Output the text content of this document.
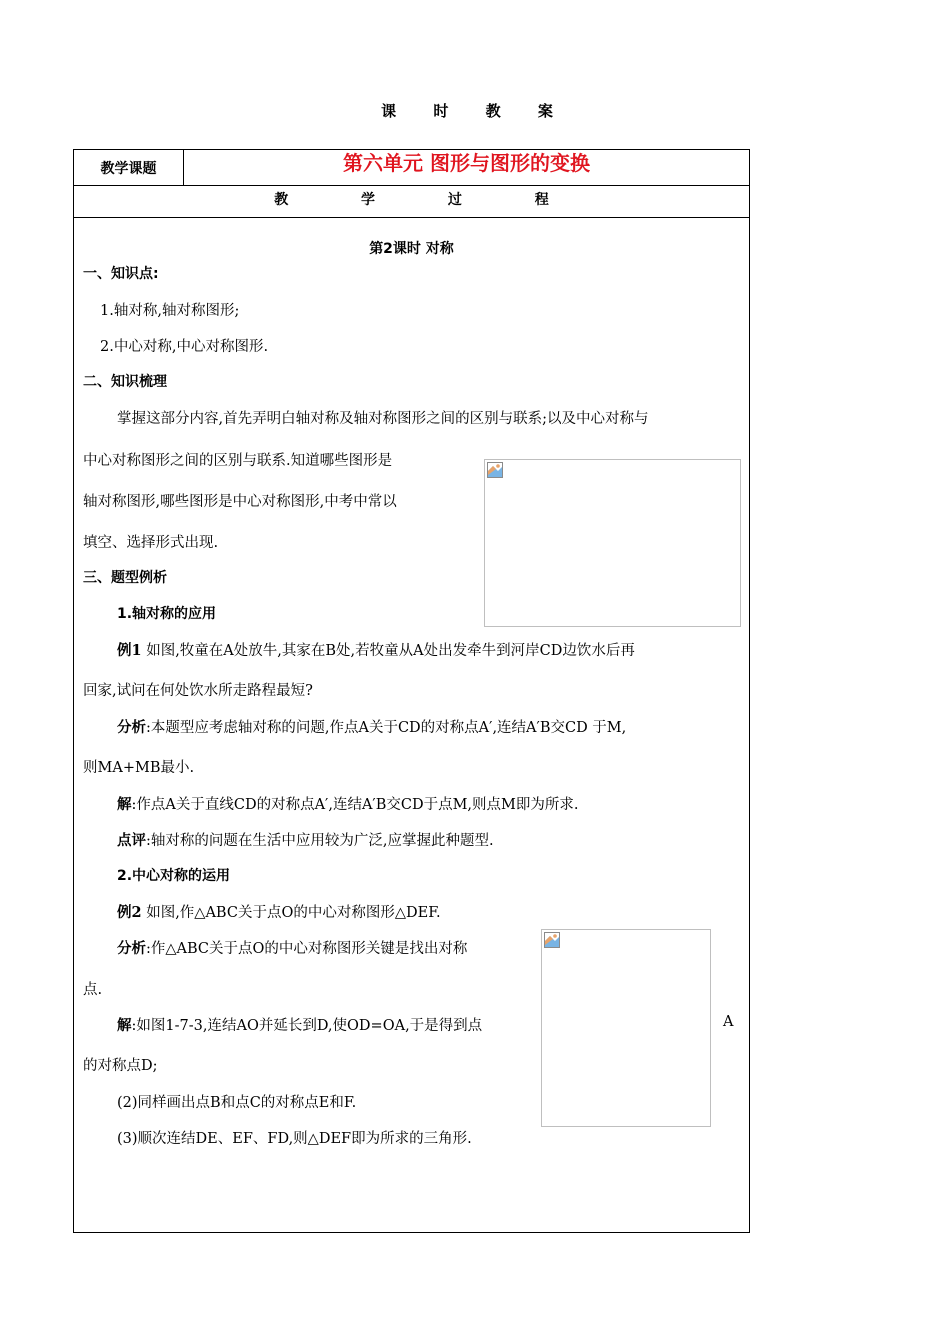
课 时 教 案
教学课题	第六单元 图形与图形的变换
教 学 过 程
第2课时 对称
一、知识点:
1.轴对称,轴对称图形;
2.中心对称,中心对称图形.
二、知识梳理
掌握这部分内容,首先弄明白轴对称及轴对称图形之间的区别与联系;以及中心对称与
中心对称图形之间的区别与联系.知道哪些图形是
轴对称图形,哪些图形是中心对称图形,中考中常以
填空、选择形式出现.
三、题型例析
1.轴对称的应用
例1 如图,牧童在A处放牛,其家在B处,若牧童从A处出发牵牛到河岸CD边饮水后再
回家,试问在何处饮水所走路程最短?
分析:本题型应考虑轴对称的问题,作点A关于CD的对称点A′,连结A′B交CD 于M,
则MA+MB最小.
解:作点A关于直线CD的对称点A′,连结A′B交CD于点M,则点M即为所求.
点评:轴对称的问题在生活中应用较为广泛,应掌握此种题型.
2.中心对称的运用
例2 如图,作△ABC关于点O的中心对称图形△DEF.
分析:作△ABC关于点O的中心对称图形关键是找出对称
点.
解:如图1-7-3,连结AO并延长到D,使OD=OA,于是得到点
的对称点D;
(2)同样画出点B和点C的对称点E和F.
(3)顺次连结DE、EF、FD,则△DEF即为所求的三角形.
A
